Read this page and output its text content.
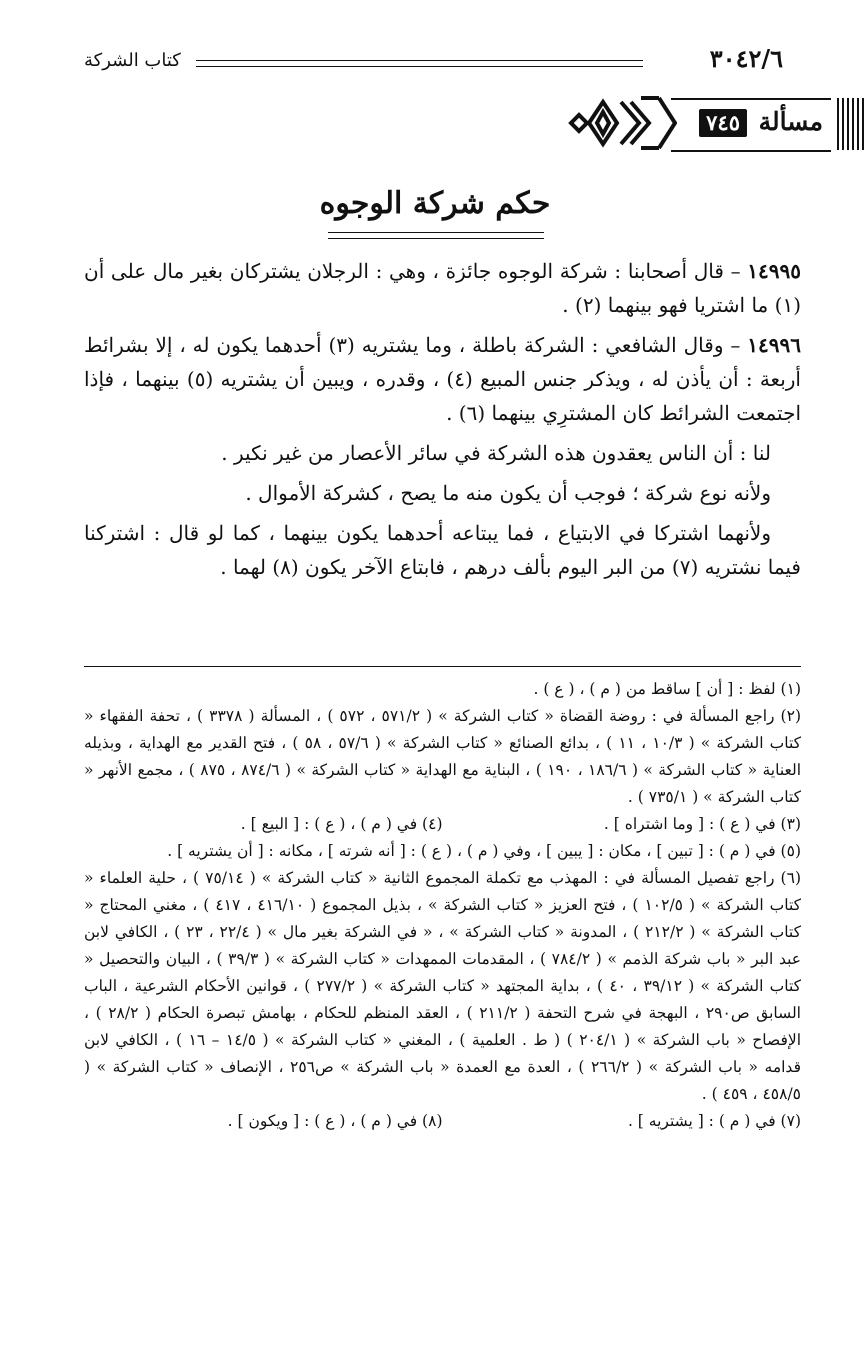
٣٠٤٢/٦
كتاب الشركة
مسألة
٧٤٥
حكم شركة الوجوه

١٤٩٩٥ – قال أصحابنا : شركة الوجوه جائزة ، وهي : الرجلان يشتركان بغير مال على أن (١) ما اشتريا فهو بينهما (٢) .

١٤٩٩٦ – وقال الشافعي : الشركة باطلة ، وما يشتريه (٣) أحدهما يكون له ، إلا بشرائط أربعة : أن يأذن له ، ويذكر جنس المبيع (٤) ، وقدره ، ويبين أن يشتريه (٥) بينهما ، فإذا اجتمعت الشرائط كان المشترِي بينهما (٦) .

لنا : أن الناس يعقدون هذه الشركة في سائر الأعصار من غير نكير .

ولأنه نوع شركة ؛ فوجب أن يكون منه ما يصح ، كشركة الأموال .

ولأنهما اشتركا في الابتياع ، فما يبتاعه أحدهما يكون بينهما ، كما لو قال : اشتركنا فيما نشتريه (٧) من البر اليوم بألف درهم ، فابتاع الآخر يكون (٨) لهما .

(١) لفظ : [ أن ] ساقط من ( م ) ، ( ع ) .

(٢) راجع المسألة في : روضة القضاة « كتاب الشركة » ( ٥٧١/٢ ، ٥٧٢ ) ، المسألة ( ٣٣٧٨ ) ، تحفة الفقهاء « كتاب الشركة » ( ١٠/٣ ، ١١ ) ، بدائع الصنائع « كتاب الشركة » ( ٥٧/٦ ، ٥٨ ) ، فتح القدير مع الهداية ، وبذيله العناية « كتاب الشركة » ( ١٨٦/٦ ، ١٩٠ ) ، البناية مع الهداية « كتاب الشركة » ( ٨٧٤/٦ ، ٨٧٥ ) ، مجمع الأنهر « كتاب الشركة » ( ٧٣٥/١ ) .

(٣) في ( ع ) : [ وما اشتراه ] .

(٤) في ( م ) ، ( ع ) : [ البيع ] .

(٥) في ( م ) : [ تبين ] ، مكان : [ يبين ] ، وفي ( م ) ، ( ع ) : [ أنه شرته ] ، مكانه : [ أن يشتريه ] .

(٦) راجع تفصيل المسألة في : المهذب مع تكملة المجموع الثانية « كتاب الشركة » ( ٧٥/١٤ ) ، حلية العلماء « كتاب الشركة » ( ١٠٢/٥ ) ، فتح العزيز « كتاب الشركة » ، بذيل المجموع ( ٤١٦/١٠ ، ٤١٧ ) ، مغني المحتاج « كتاب الشركة » ( ٢١٢/٢ ) ، المدونة « كتاب الشركة » ، « في الشركة بغير مال » ( ٢٢/٤ ، ٢٣ ) ، الكافي لابن عبد البر « باب شركة الذمم » ( ٧٨٤/٢ ) ، المقدمات الممهدات « كتاب الشركة » ( ٣٩/٣ ) ، البيان والتحصيل « كتاب الشركة » ( ٣٩/١٢ ، ٤٠ ) ، بداية المجتهد « كتاب الشركة » ( ٢٧٧/٢ ) ، قوانين الأحكام الشرعية ، الباب السابق ص٢٩٠ ، البهجة في شرح التحفة ( ٢١١/٢ ) ، العقد المنظم للحكام ، بهامش تبصرة الحكام ( ٢٨/٢ ) ، الإفصاح « باب الشركة » ( ٢٠٤/١ ) ( ط . العلمية ) ، المغني « كتاب الشركة » ( ١٤/٥ – ١٦ ) ، الكافي لابن قدامه « باب الشركة » ( ٢٦٦/٢ ) ، العدة مع العمدة « باب الشركة » ص٢٥٦ ، الإنصاف « كتاب الشركة » ( ٤٥٨/٥ ، ٤٥٩ ) .

(٧) في ( م ) : [ يشتريه ] .

(٨) في ( م ) ، ( ع ) : [ ويكون ] .
